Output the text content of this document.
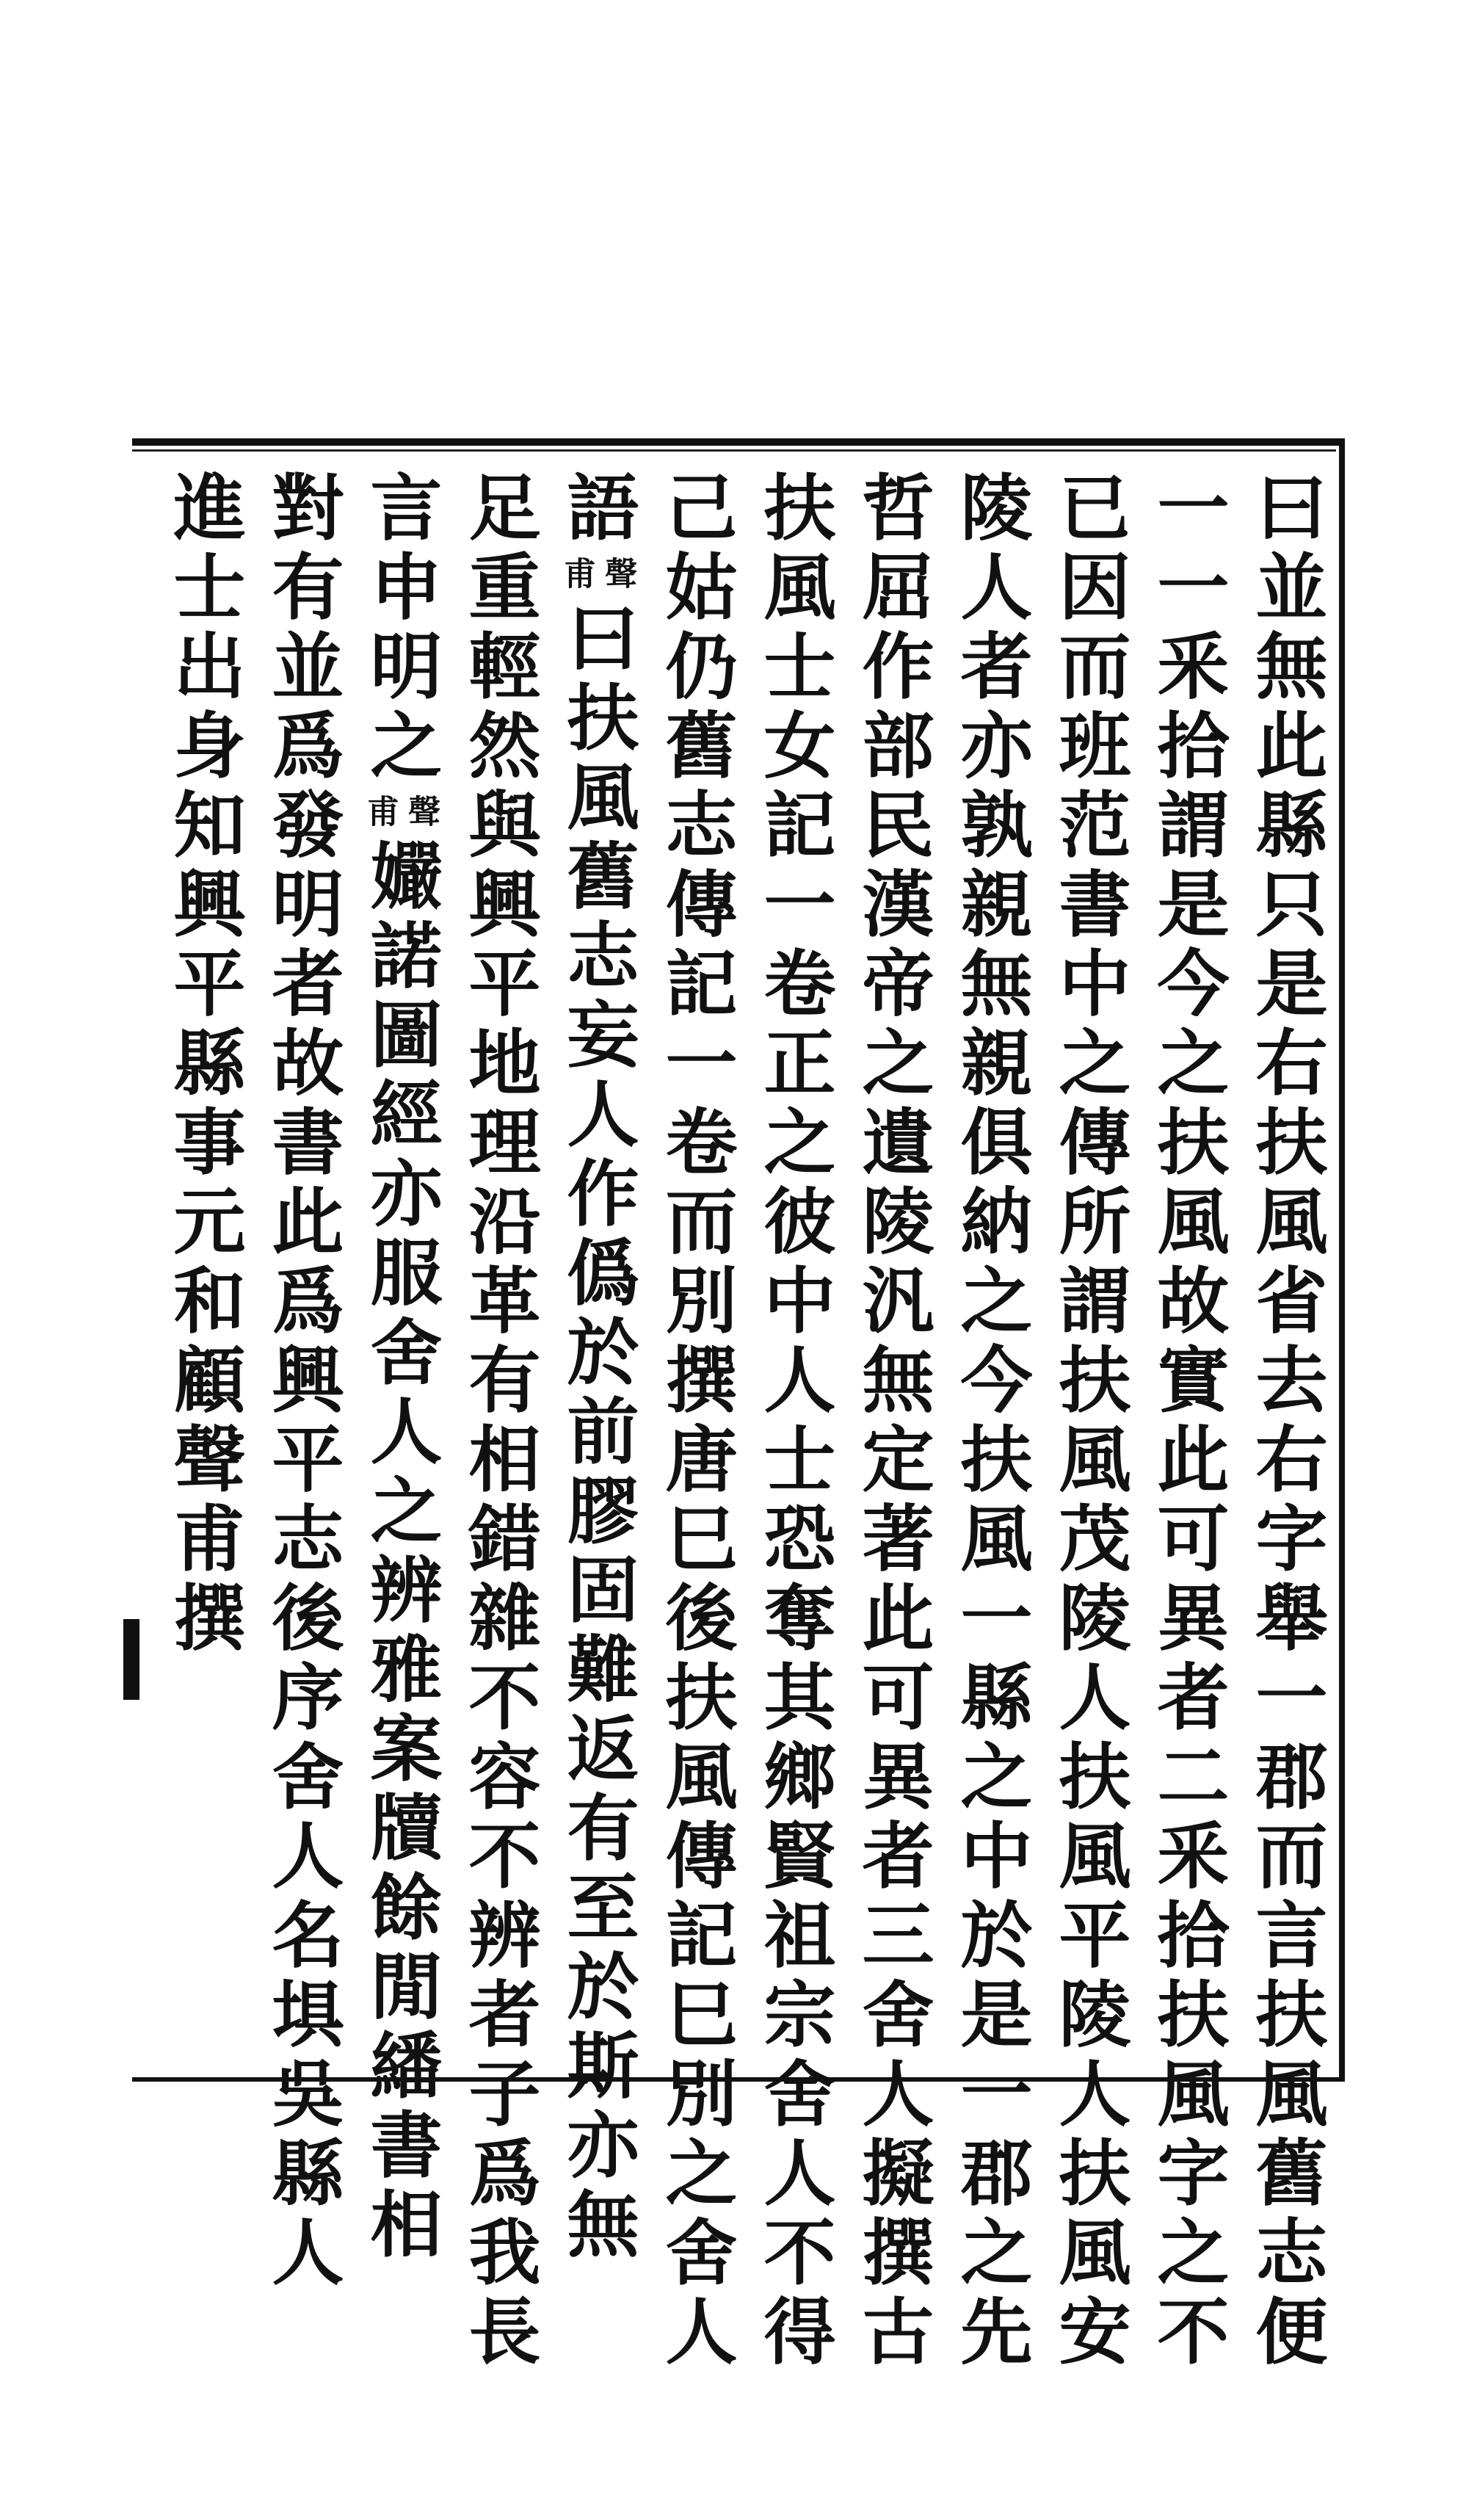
曰並無此縣只是右扶風省去右字舉一郡而言扶風舊志便
一一釆拾謂是今之扶風故實此可異者二釆拾扶風字之不
已因而班范書中之傳所謂扶風茂陵人扶風平陵人扶風安
陵人者亦孰親無親俱納之今扶風一縣之中於是一郡之先
哲屈作部民漢帝之遺陵汎無定著此可異者三舍人擬撰古
扶風士女記一卷正之彼中人士恐奪其鄉賢祖宗舍人不得
己姑仍舊志傳記一卷而別撰唐巳後扶風傳記巳別之舍人
語
聲
甫
曰扶風舊志妄人作僞於前膠固難返有至於斯亦無
足重輕然與興平地理沿革有相錯雜不容不辨者子爲我長
言申明之
聲
甫
孍諾圖經亦服舍人之辨雅案牘餘閒繙書相
對有並爲發明者故書此爲興平志後序舍人名埧吳縣人
進士出身知興平縣事元和顧聲甫撰
